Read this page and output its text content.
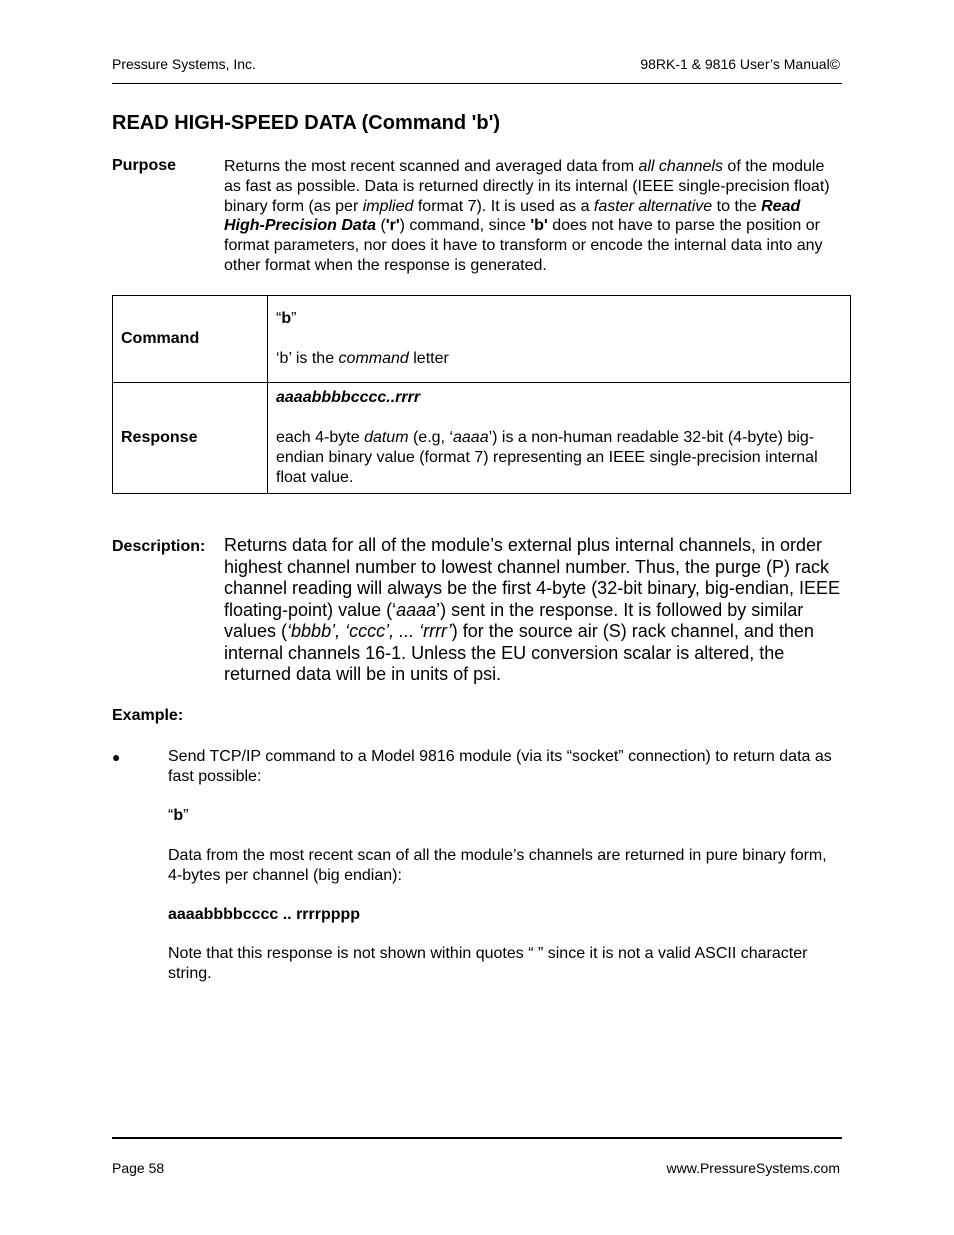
Pressure Systems, Inc.	98RK-1 & 9816 User’s Manual©
READ HIGH-SPEED DATA (Command 'b')
Purpose	Returns the most recent scanned and averaged data from all channels of the module as fast as possible. Data is returned directly in its internal (IEEE single-precision float) binary form (as per implied format 7). It is used as a faster alternative to the Read High-Precision Data ('r') command, since 'b' does not have to parse the position or format parameters, nor does it have to transform or encode the internal data into any other format when the response is generated.
Command	“b”

‘b’ is the command letter

Response	aaaabbbbcccc..rrrr

each 4-byte datum (e.g, ‘aaaa’) is a non-human readable 32-bit (4-byte) big-endian binary value (format 7) representing an IEEE single-precision internal float value.

Description: Returns data for all of the module’s external plus internal channels, in order highest channel number to lowest channel number. Thus, the purge (P) rack channel reading will always be the first 4-byte (32-bit binary, big-endian, IEEE floating-point) value (‘aaaa’) sent in the response. It is followed by similar values (‘bbbb’, ‘cccc’, ... ‘rrrr’) for the source air (S) rack channel, and then internal channels 16-1. Unless the EU conversion scalar is altered, the returned data will be in units of psi.
Example:
●	Send TCP/IP command to a Model 9816 module (via its “socket” connection) to return data as fast possible:
“b”
Data from the most recent scan of all the module’s channels are returned in pure binary form, 4-bytes per channel (big endian):
aaaabbbbcccc .. rrrrpppp
Note that this response is not shown within quotes “ ” since it is not a valid ASCII character string.
Page 58	www.PressureSystems.com
